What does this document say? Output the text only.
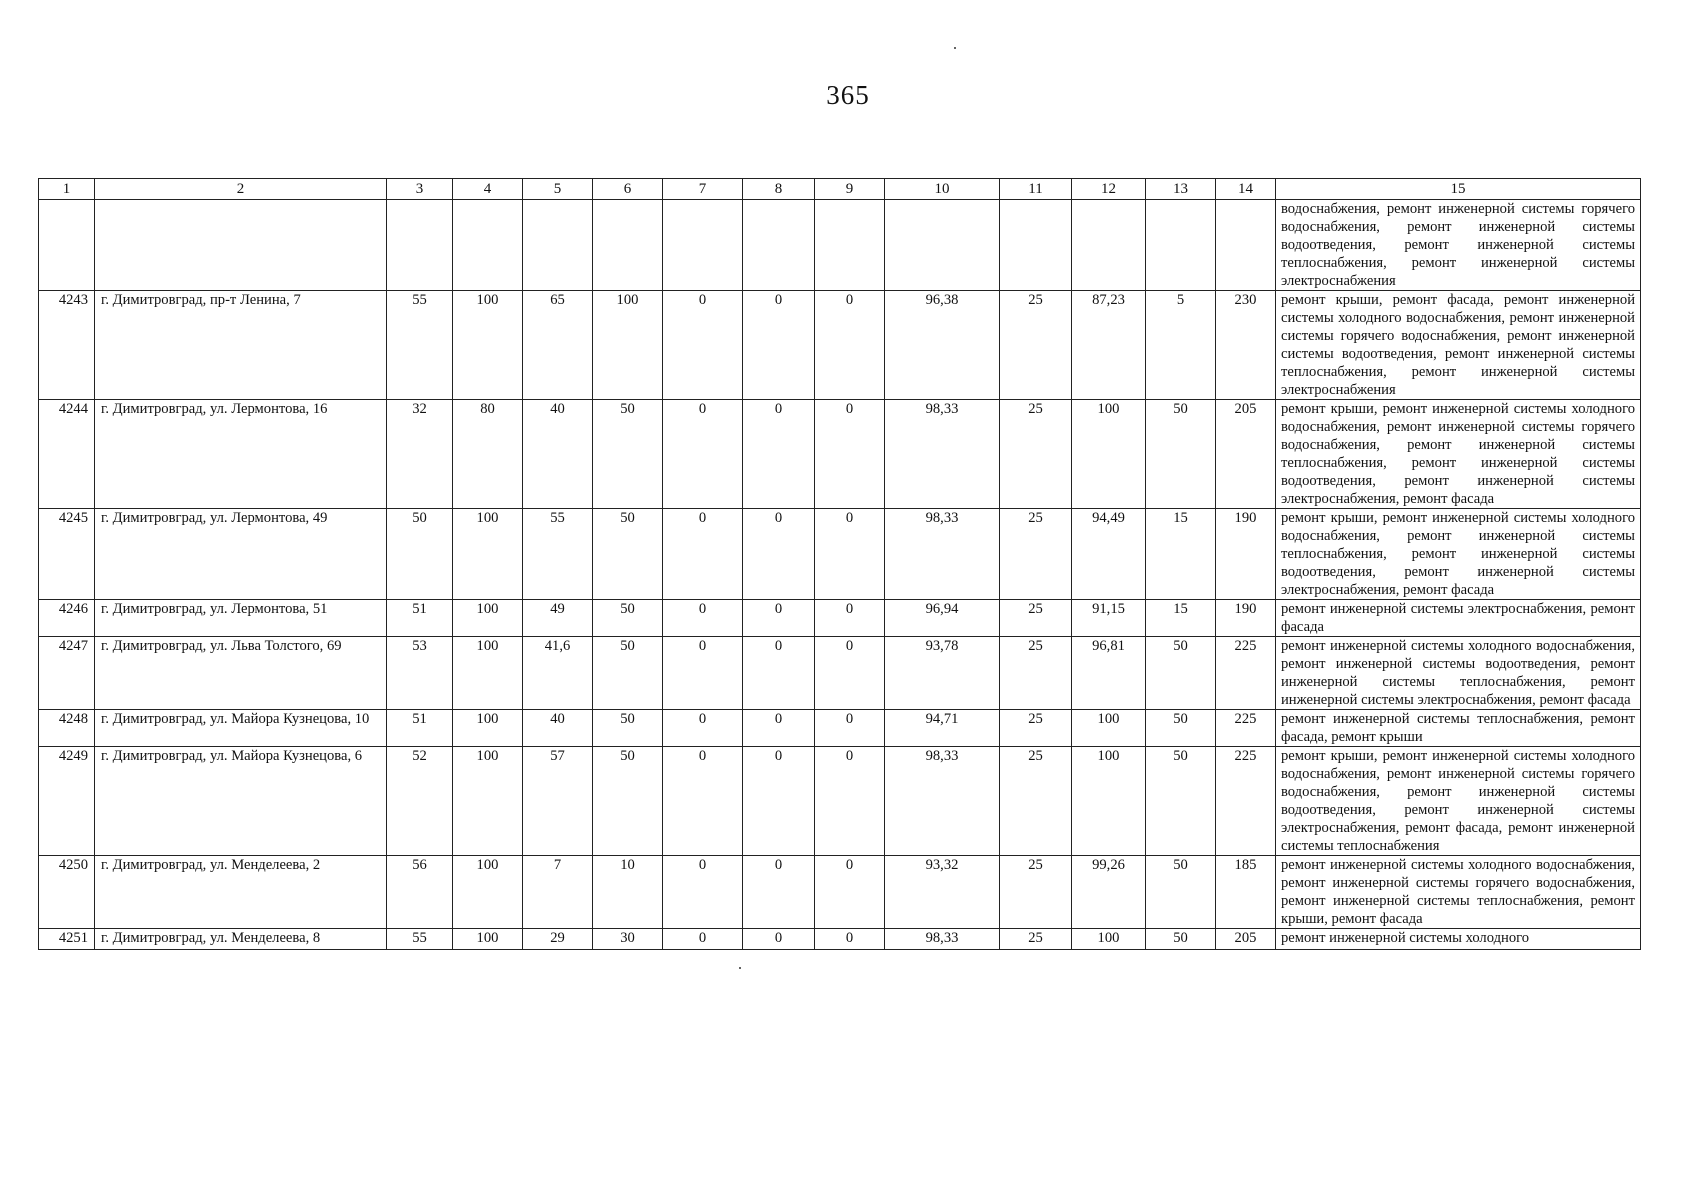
365
1	2	3	4	5	6	7	8	9	10	11	12	13	14	15
														водоснабжения, ремонт инженерной системы горячего водоснабжения, ремонт инженерной системы водоотведения, ремонт инженерной системы теплоснабжения, ремонт инженерной системы электроснабжения
4243	г. Димитровград, пр-т Ленина, 7	55	100	65	100	0	0	0	96,38	25	87,23	5	230	ремонт крыши, ремонт фасада, ремонт инженерной системы холодного водоснабжения, ремонт инженерной системы горячего водоснабжения, ремонт инженерной системы водоотведения, ремонт инженерной системы теплоснабжения, ремонт инженерной системы электроснабжения
4244	г. Димитровград, ул. Лермонтова, 16	32	80	40	50	0	0	0	98,33	25	100	50	205	ремонт крыши, ремонт инженерной системы холодного водоснабжения, ремонт инженерной системы горячего водоснабжения, ремонт инженерной системы теплоснабжения, ремонт инженерной системы водоотведения, ремонт инженерной системы электроснабжения, ремонт фасада
4245	г. Димитровград, ул. Лермонтова, 49	50	100	55	50	0	0	0	98,33	25	94,49	15	190	ремонт крыши, ремонт инженерной системы холодного водоснабжения, ремонт инженерной системы теплоснабжения, ремонт инженерной системы водоотведения, ремонт инженерной системы электроснабжения, ремонт фасада
4246	г. Димитровград, ул. Лермонтова, 51	51	100	49	50	0	0	0	96,94	25	91,15	15	190	ремонт инженерной системы электроснабжения, ремонт фасада
4247	г. Димитровград, ул. Льва Толстого, 69	53	100	41,6	50	0	0	0	93,78	25	96,81	50	225	ремонт инженерной системы холодного водоснабжения, ремонт инженерной системы водоотведения, ремонт инженерной системы теплоснабжения, ремонт инженерной системы электроснабжения, ремонт фасада
4248	г. Димитровград, ул. Майора Кузнецова, 10	51	100	40	50	0	0	0	94,71	25	100	50	225	ремонт инженерной системы теплоснабжения, ремонт фасада, ремонт крыши
4249	г. Димитровград, ул. Майора Кузнецова, 6	52	100	57	50	0	0	0	98,33	25	100	50	225	ремонт крыши, ремонт инженерной системы холодного водоснабжения, ремонт инженерной системы горячего водоснабжения, ремонт инженерной системы водоотведения, ремонт инженерной системы электроснабжения, ремонт фасада, ремонт инженерной системы теплоснабжения
4250	г. Димитровград, ул. Менделеева, 2	56	100	7	10	0	0	0	93,32	25	99,26	50	185	ремонт инженерной системы холодного водоснабжения, ремонт инженерной системы горячего водоснабжения, ремонт инженерной системы теплоснабжения, ремонт крыши, ремонт фасада
4251	г. Димитровград, ул. Менделеева, 8	55	100	29	30	0	0	0	98,33	25	100	50	205	ремонт инженерной системы холодного
